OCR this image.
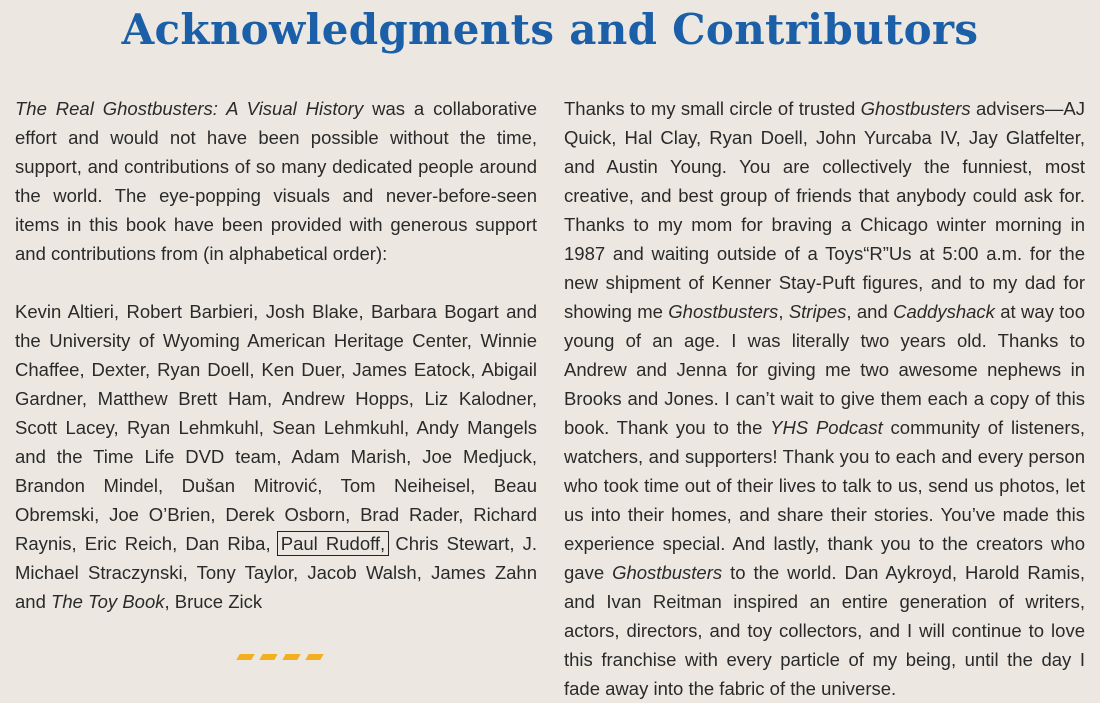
Acknowledgments and Contributors

The Real Ghostbusters: A Visual History was a collaborative effort and would not have been possible without the time, support, and contributions of so many dedicated people around the world. The eye-popping visuals and never-before-seen items in this book have been provided with generous support and contributions from (in alphabetical order):

Kevin Altieri, Robert Barbieri, Josh Blake, Barbara Bogart and the University of Wyoming American Heritage Center, Winnie Chaffee, Dexter, Ryan Doell, Ken Duer, James Eatock, Abigail Gardner, Matthew Brett Ham, Andrew Hopps, Liz Kalodner, Scott Lacey, Ryan Lehmkuhl, Sean Lehmkuhl, Andy Mangels and the Time Life DVD team, Adam Marish, Joe Medjuck, Brandon Mindel, Dušan Mitrović, Tom Neiheisel, Beau Obremski, Joe O’Brien, Derek Osborn, Brad Rader, Richard Raynis, Eric Reich, Dan Riba, Paul Rudoff, Chris Stewart, J. Michael Straczynski, Tony Taylor, Jacob Walsh, James Zahn and The Toy Book, Bruce Zick

Thanks to my small circle of trusted Ghostbusters advisers—AJ Quick, Hal Clay, Ryan Doell, John Yurcaba IV, Jay Glatfelter, and Austin Young. You are collectively the funniest, most creative, and best group of friends that anybody could ask for. Thanks to my mom for braving a Chicago winter morning in 1987 and waiting outside of a Toys“R”Us at 5:00 a.m. for the new shipment of Kenner Stay-Puft figures, and to my dad for showing me Ghostbusters, Stripes, and Caddyshack at way too young of an age. I was literally two years old. Thanks to Andrew and Jenna for giving me two awesome nephews in Brooks and Jones. I can’t wait to give them each a copy of this book. Thank you to the YHS Podcast community of listeners, watchers, and supporters! Thank you to each and every person who took time out of their lives to talk to us, send us photos, let us into their homes, and share their stories. You’ve made this experience special. And lastly, thank you to the creators who gave Ghostbusters to the world. Dan Aykroyd, Harold Ramis, and Ivan Reitman inspired an entire generation of writers, actors, directors, and toy collectors, and I will continue to love this franchise with every particle of my being, until the day I fade away into the fabric of the universe.
